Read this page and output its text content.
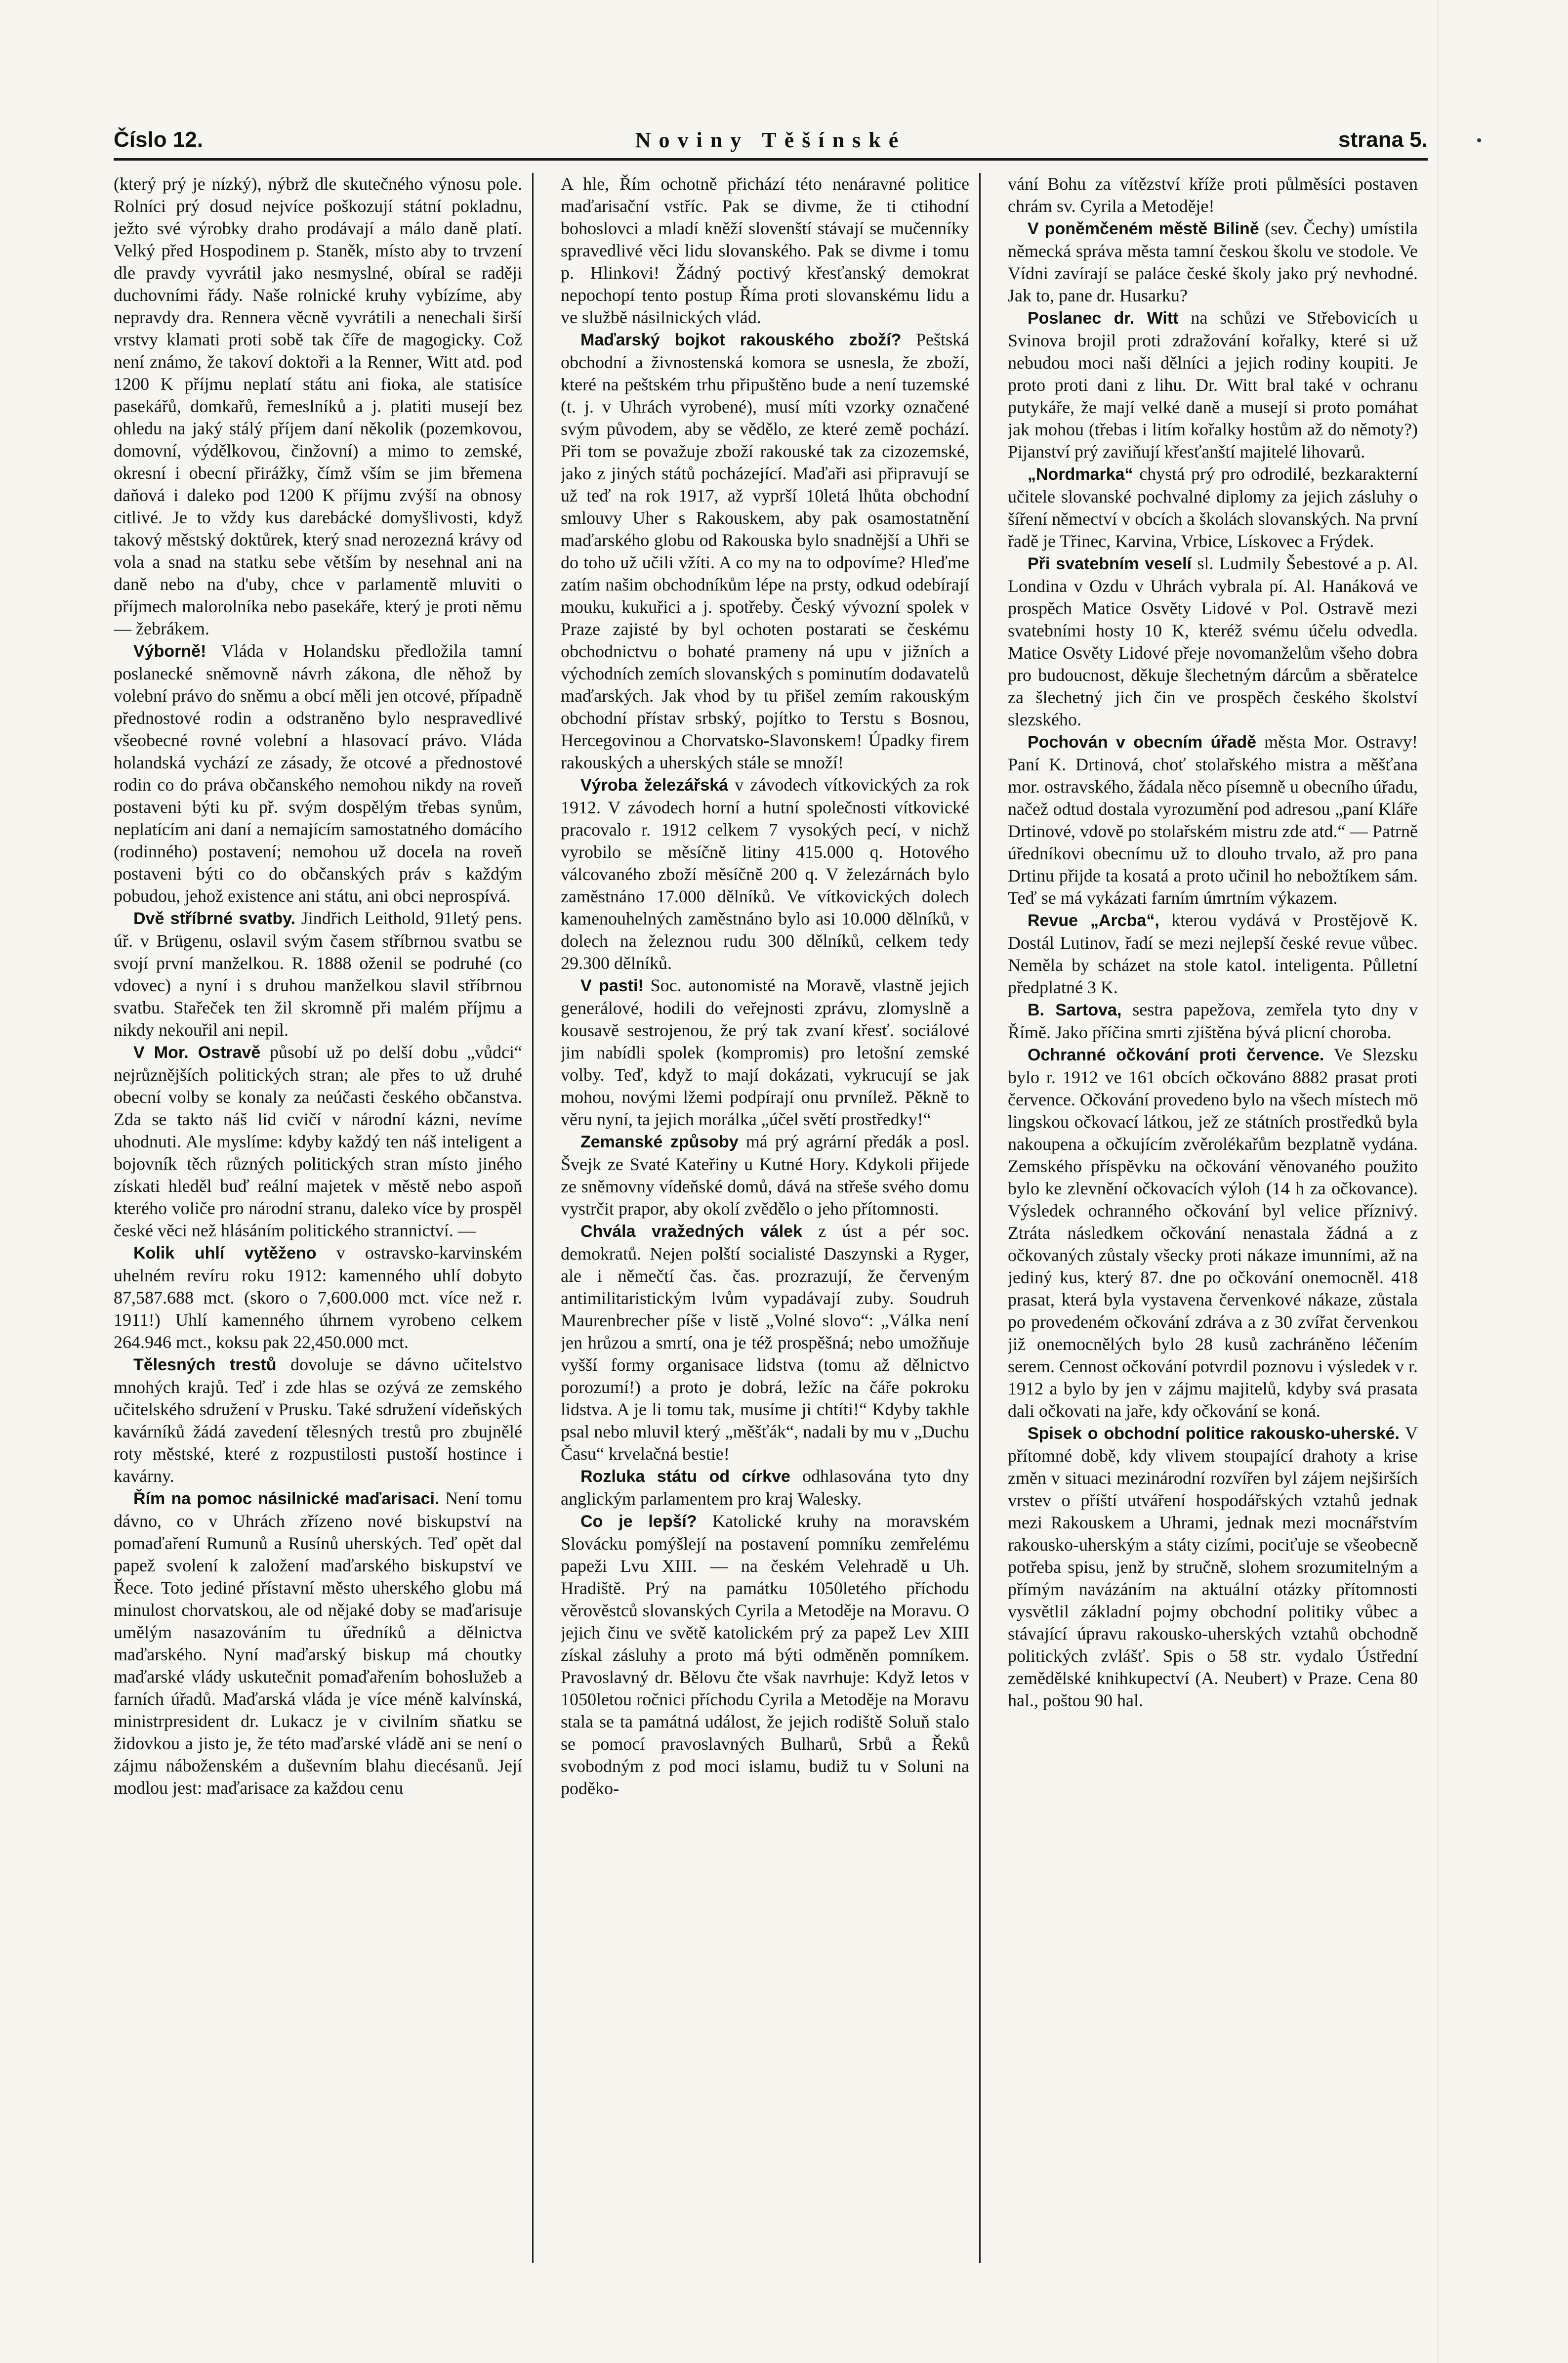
Číslo 12.	Noviny Těšínské	strana 5.

(který prý je nízký), nýbrž dle skutečného výnosu pole. Rolníci prý dosud nejvíce poškozují státní pokladnu, ježto své výrobky draho prodávají a málo daně platí. Velký před Hospodinem p. Staněk, místo aby to trvzení dle pravdy vyvrátil jako nesmyslné, obíral se raději duchovními řády. Naše rolnické kruhy vybízíme, aby nepravdy dra. Rennera věcně vyvrátili a nenechali širší vrstvy klamati proti sobě tak číře de magogicky. Což není známo, že takoví doktoři a la Renner, Witt atd. pod 1200 K příjmu neplatí státu ani fioka, ale statisíce pasekářů, domkařů, řemeslníků a j. platiti musejí bez ohledu na jaký stálý příjem daní několik (pozemkovou, domovní, výdělkovou, činžovní) a mimo to zemské, okresní i obecní přirážky, čímž vším se jim břemena daňová i daleko pod 1200 K příjmu zvýší na obnosy citlivé. Je to vždy kus darebácké domyšlivosti, když takový městský doktůrek, který snad nerozezná krávy od vola a snad na statku sebe větším by nesehnal ani na daně nebo na d'uby, chce v parlamentě mluviti o příjmech malorolníka nebo pasekáře, který je proti němu — žebrákem.

Výborně! Vláda v Holandsku předložila tamní poslanecké sněmovně návrh zákona, dle něhož by volební právo do sněmu a obcí měli jen otcové, případně přednostové rodin a odstraněno bylo nespravedlivé všeobecné rovné volební a hlasovací právo. Vláda holandská vychází ze zásady, že otcové a přednostové rodin co do práva občanského nemohou nikdy na roveň postaveni býti ku př. svým dospělým třebas synům, neplatícím ani daní a nemajícím samostatného domácího (rodinného) postavení; nemohou už docela na roveň postaveni býti co do občanských práv s každým pobudou, jehož existence ani státu, ani obci neprospívá.

Dvě stříbrné svatby. Jindřich Leithold, 91letý pens. úř. v Brügenu, oslavil svým časem stříbrnou svatbu se svojí první manželkou. R. 1888 oženil se podruhé (co vdovec) a nyní i s druhou manželkou slavil stříbrnou svatbu. Stařeček ten žil skromně při malém příjmu a nikdy nekouřil ani nepil.

V Mor. Ostravě působí už po delší dobu „vůdci“ nejrůznějších politických stran; ale přes to už druhé obecní volby se konaly za neúčasti českého občanstva. Zda se takto náš lid cvičí v národní kázni, nevíme uhodnuti. Ale myslíme: kdyby každý ten náš inteligent a bojovník těch různých politických stran místo jiného získati hleděl buď reální majetek v městě nebo aspoň kterého voliče pro národní stranu, daleko více by prospěl české věci než hlásáním politického strannictví. —

Kolik uhlí vytěženo v ostravsko-karvinském uhelném revíru roku 1912: kamenného uhlí dobyto 87,587.688 mct. (skoro o 7,600.000 mct. více než r. 1911!) Uhlí kamenného úhrnem vyrobeno celkem 264.946 mct., koksu pak 22,450.000 mct.

Tělesných trestů dovoluje se dávno učitelstvo mnohých krajů. Teď i zde hlas se ozývá ze zemského učitelského sdružení v Prusku. Také sdružení vídeňských kavárníků žádá zavedení tělesných trestů pro zbujnělé roty městské, které z rozpustilosti pustoší hostince i kavárny.

Řím na pomoc násilnické maďarisaci. Není tomu dávno, co v Uhrách zřízeno nové biskupství na pomaďaření Rumunů a Rusínů uherských. Teď opět dal papež svolení k založení maďarského biskupství ve Řece. Toto jediné přístavní město uherského globu má minulost chorvatskou, ale od nějaké doby se maďarisuje umělým nasazováním tu úředníků a dělnictva maďarského. Nyní maďarský biskup má choutky maďarské vlády uskutečnit pomaďařením bohoslužeb a farních úřadů. Maďarská vláda je více méně kalvínská, ministrpresident dr. Lukacz je v civilním sňatku se židovkou a jisto je, že této maďarské vládě ani se není o zájmu náboženském a duševním blahu diecésanů. Její modlou jest: maďarisace za každou cenu

A hle, Řím ochotně přichází této nenáravné politice maďarisační vstříc. Pak se divme, že ti ctihodní bohoslovci a mladí kněží slovenští stávají se mučenníky spravedlivé věci lidu slovanského. Pak se divme i tomu p. Hlinkovi! Žádný poctivý křesťanský demokrat nepochopí tento postup Říma proti slovanskému lidu a ve službě násilnických vlád.

Maďarský bojkot rakouského zboží? Peštská obchodní a živnostenská komora se usnesla, že zboží, které na peštském trhu připuštěno bude a není tuzemské (t. j. v Uhrách vyrobené), musí míti vzorky označené svým původem, aby se vědělo, ze které země pochází. Při tom se považuje zboží rakouské tak za cizozemské, jako z jiných států pocházející. Maďaři asi připravují se už teď na rok 1917, až vyprší 10letá lhůta obchodní smlouvy Uher s Rakouskem, aby pak osamostatnění maďarského globu od Rakouska bylo snadnější a Uhři se do toho už učili vžíti. A co my na to odpovíme? Hleďme zatím našim obchodníkům lépe na prsty, odkud odebírají mouku, kukuřici a j. spotřeby. Český vývozní spolek v Praze zajisté by byl ochoten postarati se českému obchodnictvu o bohaté prameny ná upu v jižních a východních zemích slovanských s pominutím dodavatelů maďarských. Jak vhod by tu přišel zemím rakouským obchodní přístav srbský, pojítko to Terstu s Bosnou, Hercegovinou a Chorvatsko-Slavonskem! Úpadky firem rakouských a uherských stále se množí!

Výroba železářská v závodech vítkovických za rok 1912. V závodech horní a hutní společnosti vítkovické pracovalo r. 1912 celkem 7 vysokých pecí, v nichž vyrobilo se měsíčně litiny 415.000 q. Hotového válcovaného zboží měsíčně 200 q. V železárnách bylo zaměstnáno 17.000 dělníků. Ve vítkovických dolech kamenouhelných zaměstnáno bylo asi 10.000 dělníků, v dolech na železnou rudu 300 dělníků, celkem tedy 29.300 dělníků.

V pasti! Soc. autonomisté na Moravě, vlastně jejich generálové, hodili do veřejnosti zprávu, zlomyslně a kousavě sestrojenou, že prý tak zvaní křesť. sociálové jim nabídli spolek (kompromis) pro letošní zemské volby. Teď, když to mají dokázati, vykrucují se jak mohou, novými lžemi podpírají onu prvnílež. Pěkně to věru nyní, ta jejich morálka „účel světí prostředky!“

Zemanské způsoby má prý agrární předák a posl. Švejk ze Svaté Kateřiny u Kutné Hory. Kdykoli přijede ze sněmovny vídeňské domů, dává na střeše svého domu vystrčit prapor, aby okolí zvědělo o jeho přítomnosti.

Chvála vražedných válek z úst a pér soc. demokratů. Nejen polští socialisté Daszynski a Ryger, ale i němečtí čas. čas. prozrazují, že červeným antimilitaristickým lvům vypadávají zuby. Soudruh Maurenbrecher píše v listě „Volné slovo“: „Válka není jen hrůzou a smrtí, ona je též prospěšná; nebo umožňuje vyšší formy organisace lidstva (tomu až dělnictvo porozumí!) a proto je dobrá, ležíc na čáře pokroku lidstva. A je li tomu tak, musíme ji chtíti!“ Kdyby takhle psal nebo mluvil který „měšťák“, nadali by mu v „Duchu Času“ krvelačná bestie!

Rozluka státu od církve odhlasována tyto dny anglickým parlamentem pro kraj Walesky.

Co je lepší? Katolické kruhy na moravském Slovácku pomýšlejí na postavení pomníku zemřelému papeži Lvu XIII. — na českém Velehradě u Uh. Hradiště. Prý na památku 1050letého příchodu věrověstců slovanských Cyrila a Metoděje na Moravu. O jejich činu ve světě katolickém prý za papež Lev XIII získal zásluhy a proto má býti odměněn pomníkem. Pravoslavný dr. Bělovu čte však navrhuje: Když letos v 1050letou ročnici příchodu Cyrila a Metoděje na Moravu stala se ta památná událost, že jejich rodiště Soluň stalo se pomocí pravoslavných Bulharů, Srbů a Řeků svobodným z pod moci islamu, budiž tu v Soluni na poděko-

vání Bohu za vítězství kříže proti půlměsíci postaven chrám sv. Cyrila a Metoděje!

V poněmčeném městě Bilině (sev. Čechy) umístila německá správa města tamní českou školu ve stodole. Ve Vídni zavírají se paláce české školy jako prý nevhodné. Jak to, pane dr. Husarku?

Poslanec dr. Witt na schůzi ve Střebovicích u Svinova brojil proti zdražování kořalky, které si už nebudou moci naši dělníci a jejich rodiny koupiti. Je proto proti dani z lihu. Dr. Witt bral také v ochranu putykáře, že mají velké daně a musejí si proto pomáhat jak mohou (třebas i litím kořalky hostům až do němoty?) Pijanství prý zaviňují křesťanští majitelé lihovarů.

„Nordmarka“ chystá prý pro odrodilé, bezkarakterní učitele slovanské pochvalné diplomy za jejich zásluhy o šíření němectví v obcích a školách slovanských. Na první řadě je Třinec, Karvina, Vrbice, Lískovec a Frýdek.

Při svatebním veselí sl. Ludmily Šebestové a p. Al. Londina v Ozdu v Uhrách vybrala pí. Al. Hanáková ve prospěch Matice Osvěty Lidové v Pol. Ostravě mezi svatebními hosty 10 K, kteréž svému účelu odvedla. Matice Osvěty Lidové přeje novomanželům všeho dobra pro budoucnost, děkuje šlechetným dárcům a sběratelce za šlechetný jich čin ve prospěch českého školství slezského.

Pochován v obecním úřadě města Mor. Ostravy! Paní K. Drtinová, choť stolařského mistra a měšťana mor. ostravského, žádala něco písemně u obecního úřadu, načež odtud dostala vyrozumění pod adresou „paní Kláře Drtinové, vdově po stolařském mistru zde atd.“ — Patrně úředníkovi obecnímu už to dlouho trvalo, až pro pana Drtinu přijde ta kosatá a proto učinil ho nebožtíkem sám. Teď se má vykázati farním úmrtním výkazem.

Revue „Arcba“, kterou vydává v Prostějově K. Dostál Lutinov, řadí se mezi nejlepší české revue vůbec. Neměla by scházet na stole katol. inteligenta. Půlletní předplatné 3 K.

B. Sartova, sestra papežova, zemřela tyto dny v Římě. Jako příčina smrti zjištěna bývá plicní choroba.

Ochranné očkování proti července. Ve Slezsku bylo r. 1912 ve 161 obcích očkováno 8882 prasat proti července. Očkování provedeno bylo na všech místech mö lingskou očkovací látkou, jež ze státních prostředků byla nakoupena a očkujícím zvěrolékařům bezplatně vydána. Zemského příspěvku na očkování věnovaného použito bylo ke zlevnění očkovacích výloh (14 h za očkovance). Výsledek ochranného očkování byl velice příznivý. Ztráta následkem očkování nenastala žádná a z očkovaných zůstaly všecky proti nákaze imunními, až na jediný kus, který 87. dne po očkování onemocněl. 418 prasat, která byla vystavena červenkové nákaze, zůstala po provedeném očkování zdráva a z 30 zvířat červenkou již onemocnělých bylo 28 kusů zachráněno léčením serem. Cennost očkování potvrdil poznovu i výsledek v r. 1912 a bylo by jen v zájmu majitelů, kdyby svá prasata dali očkovati na jaře, kdy očkování se koná.

Spisek o obchodní politice rakousko-uherské. V přítomné době, kdy vlivem stoupající drahoty a krise změn v situaci mezinárodní rozvířen byl zájem nejširších vrstev o příští utváření hospodářských vztahů jednak mezi Rakouskem a Uhrami, jednak mezi mocnářstvím rakousko-uherským a státy cizími, pociťuje se všeobecně potřeba spisu, jenž by stručně, slohem srozumitelným a přímým navázáním na aktuální otázky přítomnosti vysvětlil základní pojmy obchodní politiky vůbec a stávající úpravu rakousko-uherských vztahů obchodně politických zvlášť. Spis o 58 str. vydalo Ústřední zemědělské knihkupectví (A. Neubert) v Praze. Cena 80 hal., poštou 90 hal.
